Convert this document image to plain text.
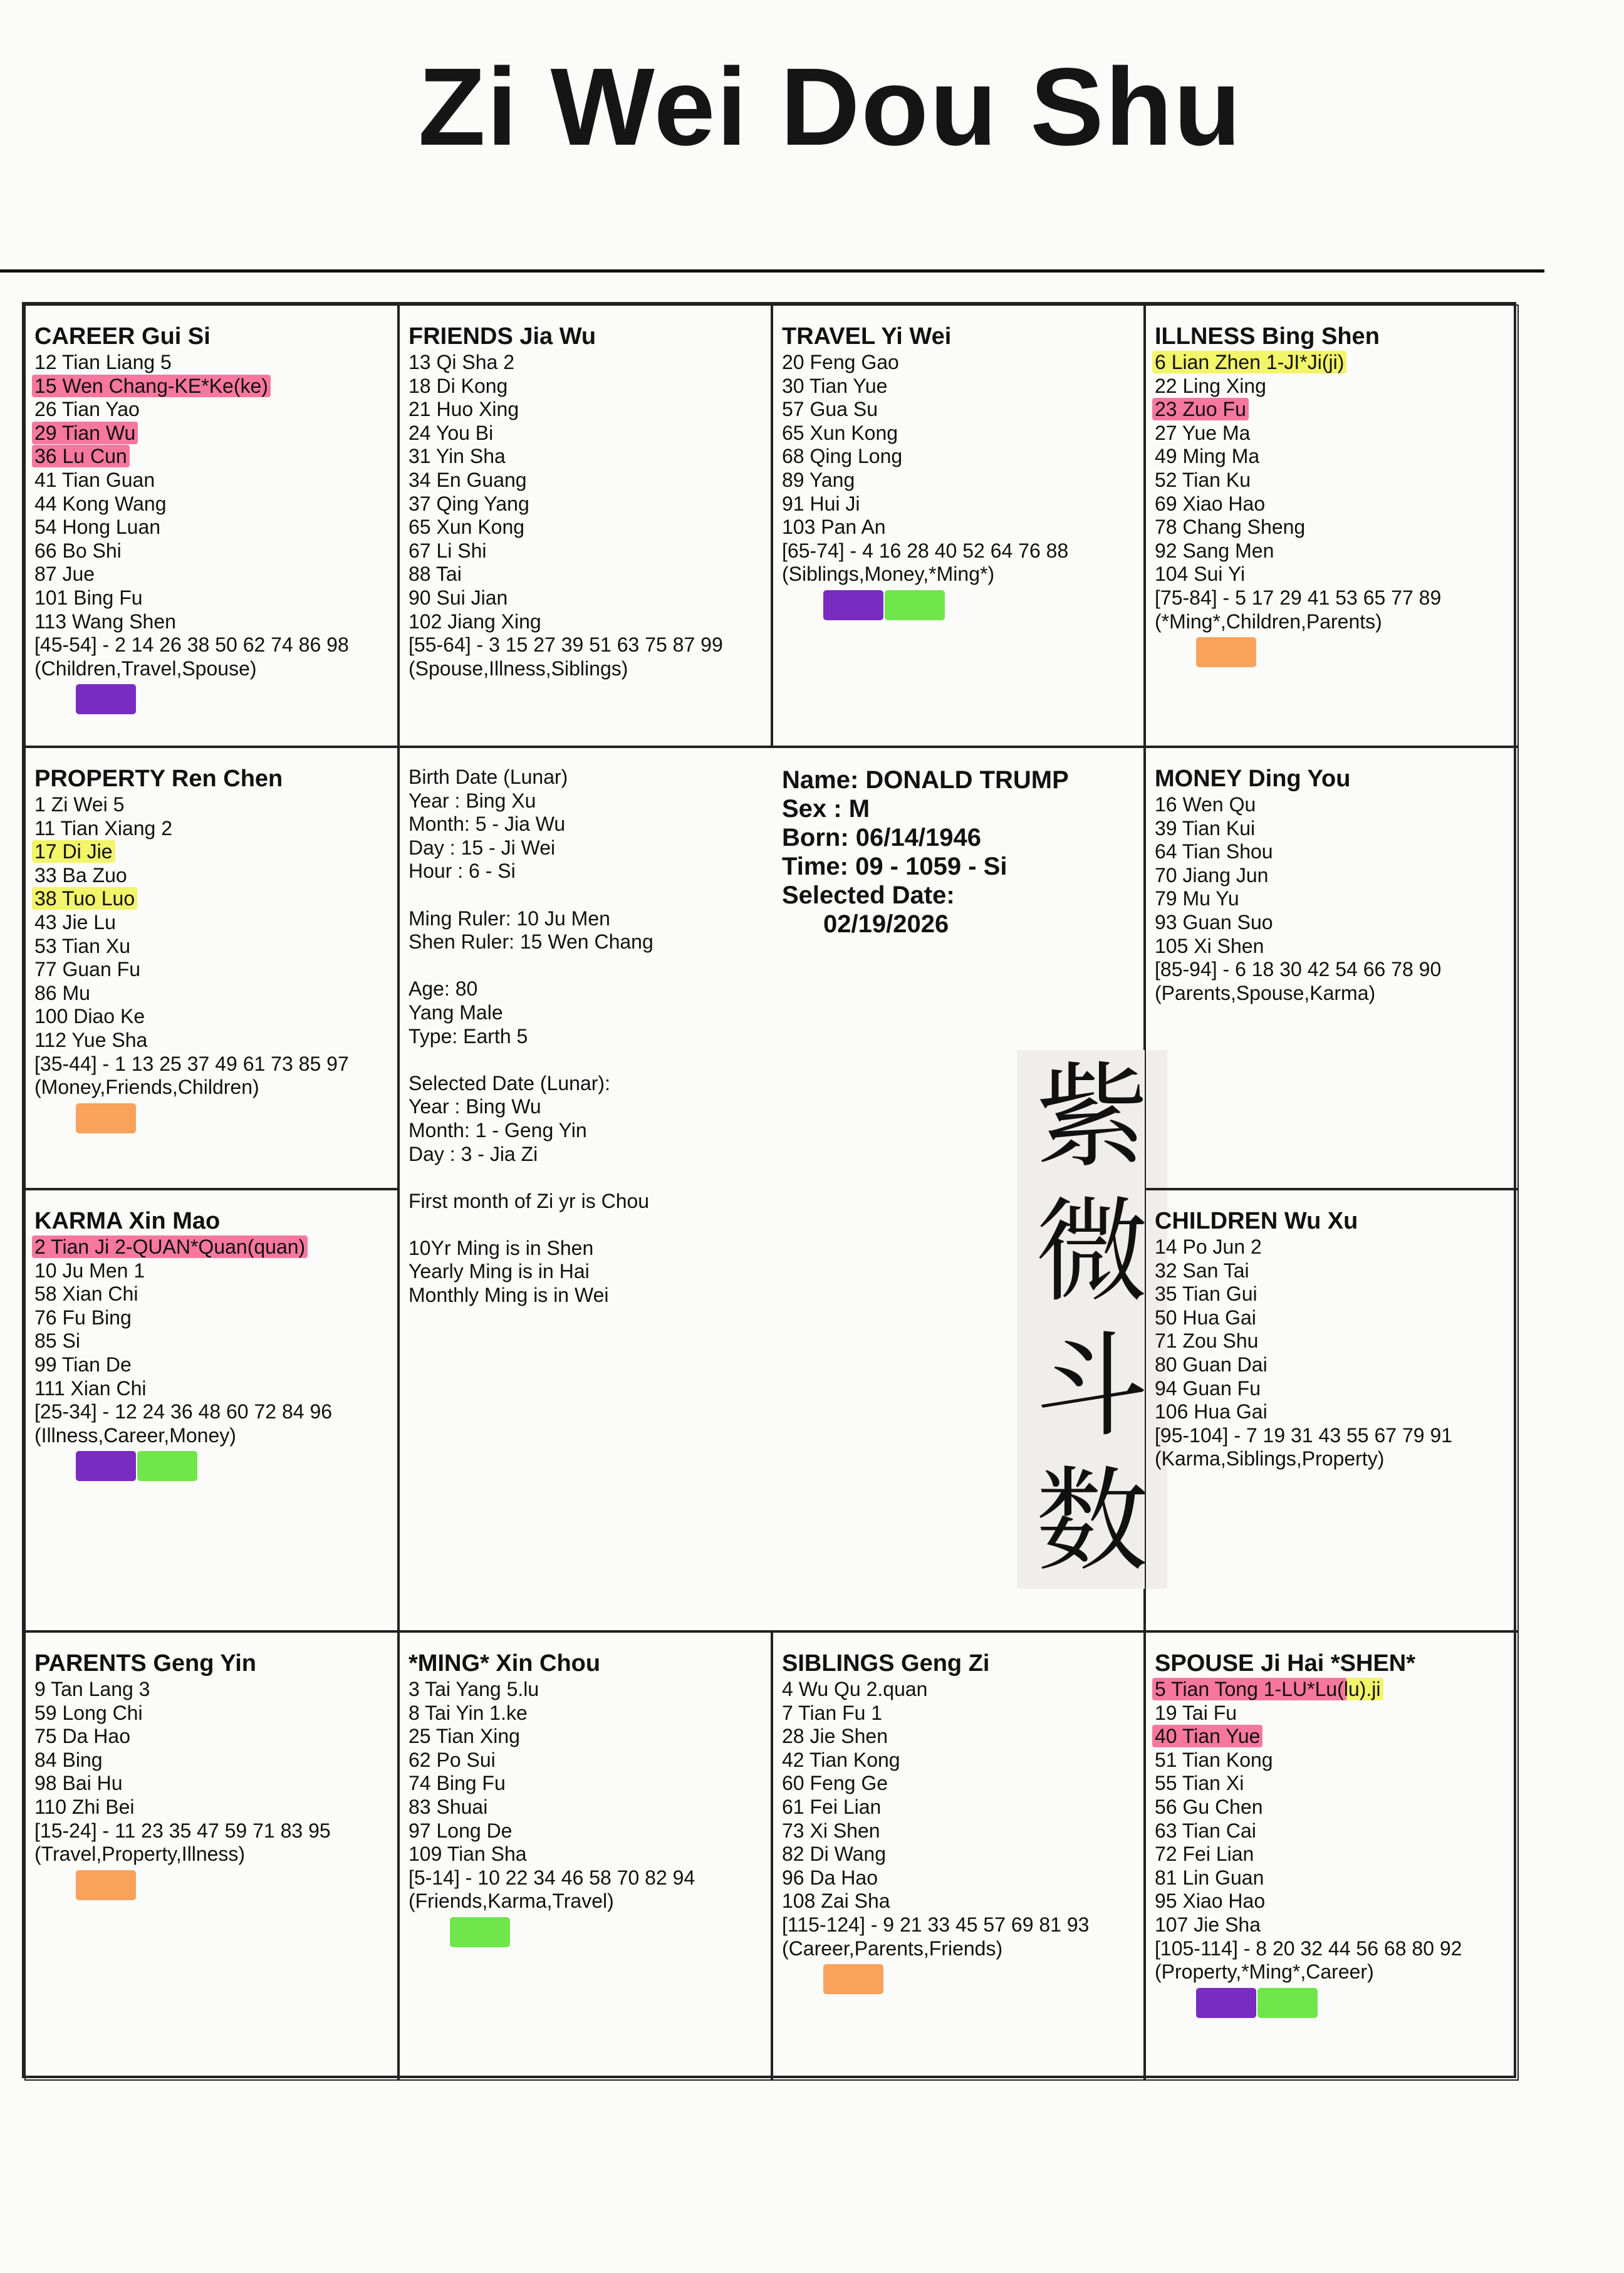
Zi Wei Dou Shu
CAREER Gui Si
12 Tian Liang 5
15 Wen Chang-KE*Ke(ke)
26 Tian Yao
29 Tian Wu
36 Lu Cun
41 Tian Guan
44 Kong Wang
54 Hong Luan
66 Bo Shi
87 Jue
101 Bing Fu
113 Wang Shen
[45-54] - 2 14 26 38 50 62 74 86 98
(Children,Travel,Spouse)
FRIENDS Jia Wu
13 Qi Sha 2
18 Di Kong
21 Huo Xing
24 You Bi
31 Yin Sha
34 En Guang
37 Qing Yang
65 Xun Kong
67 Li Shi
88 Tai
90 Sui Jian
102 Jiang Xing
[55-64] - 3 15 27 39 51 63 75 87 99
(Spouse,Illness,Siblings)
TRAVEL Yi Wei
20 Feng Gao
30 Tian Yue
57 Gua Su
65 Xun Kong
68 Qing Long
89 Yang
91 Hui Ji
103 Pan An
[65-74] - 4 16 28 40 52 64 76 88
(Siblings,Money,*Ming*)
ILLNESS Bing Shen
6 Lian Zhen 1-JI*Ji(ji)
22 Ling Xing
23 Zuo Fu
27 Yue Ma
49 Ming Ma
52 Tian Ku
69 Xiao Hao
78 Chang Sheng
92 Sang Men
104 Sui Yi
[75-84] - 5 17 29 41 53 65 77 89
(*Ming*,Children,Parents)
PROPERTY Ren Chen
1 Zi Wei 5
11 Tian Xiang 2
17 Di Jie
33 Ba Zuo
38 Tuo Luo
43 Jie Lu
53 Tian Xu
77 Guan Fu
86 Mu
100 Diao Ke
112 Yue Sha
[35-44] - 1 13 25 37 49 61 73 85 97
(Money,Friends,Children)
Birth Date (Lunar)
Year : Bing Xu
Month: 5 - Jia Wu
Day : 15 - Ji Wei
Hour : 6 - Si
Ming Ruler: 10 Ju Men
Shen Ruler: 15 Wen Chang
Age: 80
Yang Male
Type: Earth 5
Selected Date (Lunar):
Year : Bing Wu
Month: 1 - Geng Yin
Day : 3 - Jia Zi
First month of Zi yr is Chou
10Yr Ming is in Shen
Yearly Ming is in Hai
Monthly Ming is in Wei
Name: DONALD TRUMP
Sex : M
Born: 06/14/1946
Time: 09 - 1059 - Si
Selected Date:
02/19/2026
紫
微
斗
数
MONEY Ding You
16 Wen Qu
39 Tian Kui
64 Tian Shou
70 Jiang Jun
79 Mu Yu
93 Guan Suo
105 Xi Shen
[85-94] - 6 18 30 42 54 66 78 90
(Parents,Spouse,Karma)
KARMA Xin Mao
2 Tian Ji 2-QUAN*Quan(quan)
10 Ju Men 1
58 Xian Chi
76 Fu Bing
85 Si
99 Tian De
111 Xian Chi
[25-34] - 12 24 36 48 60 72 84 96
(Illness,Career,Money)
CHILDREN Wu Xu
14 Po Jun 2
32 San Tai
35 Tian Gui
50 Hua Gai
71 Zou Shu
80 Guan Dai
94 Guan Fu
106 Hua Gai
[95-104] - 7 19 31 43 55 67 79 91
(Karma,Siblings,Property)
PARENTS Geng Yin
9 Tan Lang 3
59 Long Chi
75 Da Hao
84 Bing
98 Bai Hu
110 Zhi Bei
[15-24] - 11 23 35 47 59 71 83 95
(Travel,Property,Illness)
*MING* Xin Chou
3 Tai Yang 5.lu
8 Tai Yin 1.ke
25 Tian Xing
62 Po Sui
74 Bing Fu
83 Shuai
97 Long De
109 Tian Sha
[5-14] - 10 22 34 46 58 70 82 94
(Friends,Karma,Travel)
SIBLINGS Geng Zi
4 Wu Qu 2.quan
7 Tian Fu 1
28 Jie Shen
42 Tian Kong
60 Feng Ge
61 Fei Lian
73 Xi Shen
82 Di Wang
96 Da Hao
108 Zai Sha
[115-124] - 9 21 33 45 57 69 81 93
(Career,Parents,Friends)
SPOUSE Ji Hai *SHEN*
5 Tian Tong 1-LU*Lu(lu).ji
19 Tai Fu
40 Tian Yue
51 Tian Kong
55 Tian Xi
56 Gu Chen
63 Tian Cai
72 Fei Lian
81 Lin Guan
95 Xiao Hao
107 Jie Sha
[105-114] - 8 20 32 44 56 68 80 92
(Property,*Ming*,Career)
